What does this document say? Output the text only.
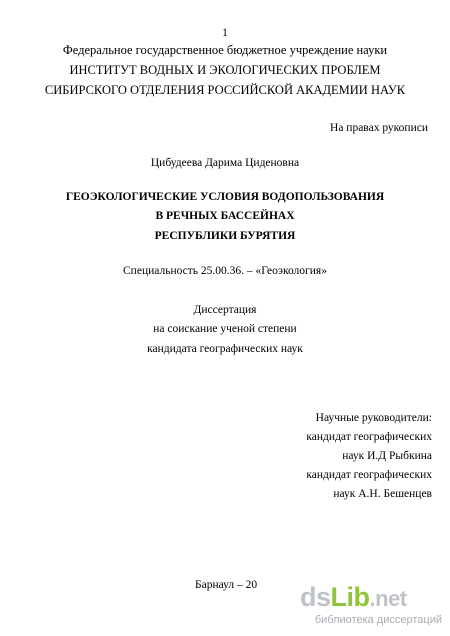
1
Федеральное государственное бюджетное учреждение науки
ИНСТИТУТ ВОДНЫХ И ЭКОЛОГИЧЕСКИХ ПРОБЛЕМ
СИБИРСКОГО ОТДЕЛЕНИЯ РОССИЙСКОЙ АКАДЕМИИ НАУК
На правах рукописи
Цибудеева Дарима Циденовна
ГЕОЭКОЛОГИЧЕСКИЕ УСЛОВИЯ ВОДОПОЛЬЗОВАНИЯ
В РЕЧНЫХ БАССЕЙНАХ
РЕСПУБЛИКИ БУРЯТИЯ
Специальность 25.00.36. – «Геоэкология»
Диссертация
на соискание ученой степени
кандидата географических наук
Научные руководители:
кандидат географических
наук И.Д Рыбкина
кандидат географических
наук А.Н. Бешенцев
Барнаул – 20 dsLib.net
библиотека диссертаций
